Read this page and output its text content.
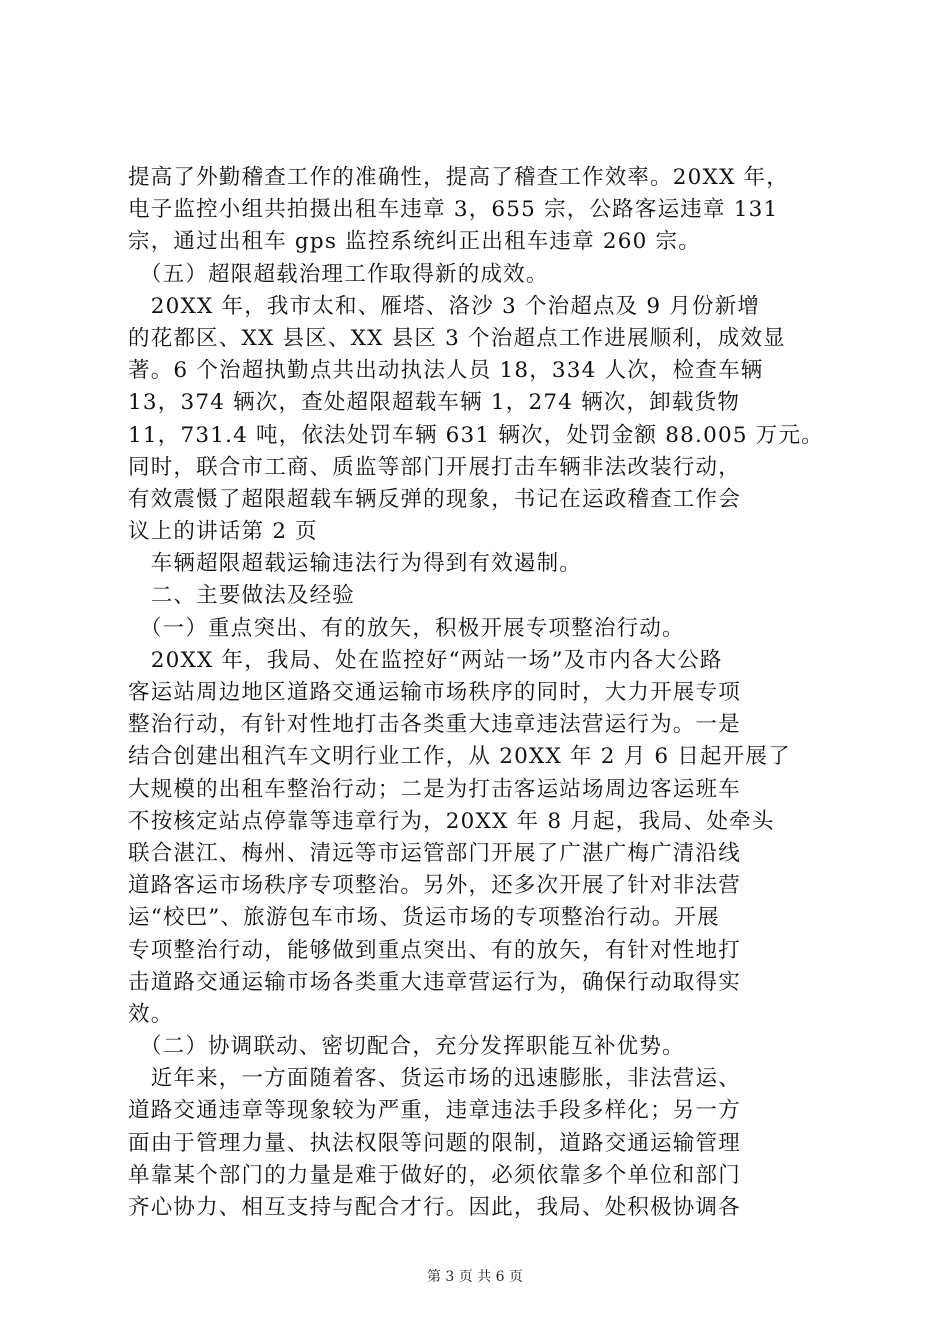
提高了外勤稽查工作的准确性，提高了稽查工作效率。20XX 年，
电子监控小组共拍摄出租车违章 3，655 宗，公路客运违章 131
宗，通过出租车 gps 监控系统纠正出租车违章 260 宗。
　（五）超限超载治理工作取得新的成效。
　20XX 年，我市太和、雁塔、洛沙 3 个治超点及 9 月份新增
的花都区、XX 县区、XX 县区 3 个治超点工作进展顺利，成效显
著。6 个治超执勤点共出动执法人员 18，334 人次，检查车辆
13，374 辆次，查处超限超载车辆 1，274 辆次，卸载货物
11，731.4 吨，依法处罚车辆 631 辆次，处罚金额 88.005 万元。
同时，联合市工商、质监等部门开展打击车辆非法改装行动，
有效震慑了超限超载车辆反弹的现象，书记在运政稽查工作会
议上的讲话第 2 页
　车辆超限超载运输违法行为得到有效遏制。
　二、主要做法及经验
　（一）重点突出、有的放矢，积极开展专项整治行动。
　20XX 年，我局、处在监控好“两站一场”及市内各大公路
客运站周边地区道路交通运输市场秩序的同时，大力开展专项
整治行动，有针对性地打击各类重大违章违法营运行为。一是
结合创建出租汽车文明行业工作，从 20XX 年 2 月 6 日起开展了
大规模的出租车整治行动；二是为打击客运站场周边客运班车
不按核定站点停靠等违章行为，20XX 年 8 月起，我局、处牵头
联合湛江、梅州、清远等市运管部门开展了广湛广梅广清沿线
道路客运市场秩序专项整治。另外，还多次开展了针对非法营
运“校巴”、旅游包车市场、货运市场的专项整治行动。开展
专项整治行动，能够做到重点突出、有的放矢，有针对性地打
击道路交通运输市场各类重大违章营运行为，确保行动取得实
效。
　（二）协调联动、密切配合，充分发挥职能互补优势。
　近年来，一方面随着客、货运市场的迅速膨胀，非法营运、
道路交通违章等现象较为严重，违章违法手段多样化；另一方
面由于管理力量、执法权限等问题的限制，道路交通运输管理
单靠某个部门的力量是难于做好的，必须依靠多个单位和部门
齐心协力、相互支持与配合才行。因此，我局、处积极协调各
第 3 页 共 6 页
